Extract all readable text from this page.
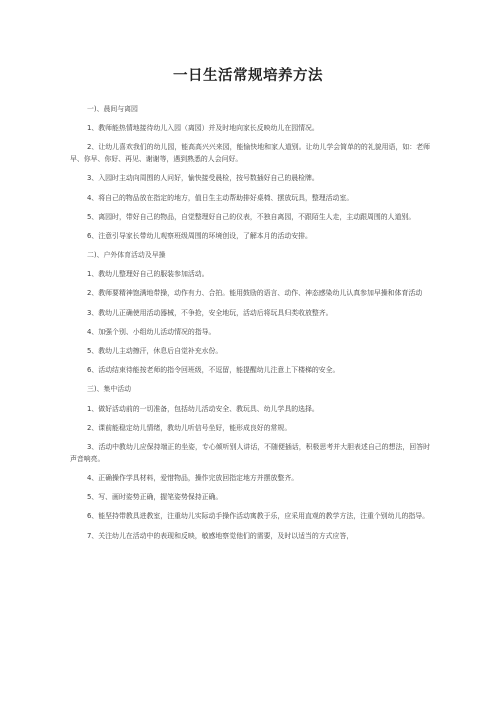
一日生活常规培养方法

一)、晨间与离园

1、教师能热情地接待幼儿入园（离园）并及时地向家长反映幼儿在园情况。

2、让幼儿喜欢我们的幼儿园，能高高兴兴来园，能愉快地和家人道别。让幼儿学会简单的的礼貌用语，如：老师早、你早、你好、再见、谢谢等，遇到熟悉的人会问好。

3、入园时主动向周围的人问好，愉快接受晨检，按号数插好自己的晨检牌。

4、将自己的物品放在指定的地方，值日生主动帮助排好桌椅、摆放玩具，整理活动室。

5、离园时，带好自己的物品，自觉整理好自己的仪表，不独自离园，不跟陌生人走，主动跟周围的人道别。

6、注意引导家长带幼儿观察班级周围的环境创设，了解本月的活动安排。

二)、户外体育活动及早操

1、教幼儿整理好自己的服装参加活动。

2、教师要精神饱满地带操，动作有力、合拍。能用鼓励的语言、动作、神态感染幼儿认真参加早操和体育活动

3、教幼儿正确使用活动器械，不争抢，安全地玩，活动后将玩具归类收放整齐。

4、加强个别、小组幼儿活动情况的指导。

5、教幼儿主动擦汗，休息后自觉补充水份。

6、活动结束待能按老师的指令回班级，不逗留，能提醒幼儿注意上下楼梯的安全。

三)、集中活动

1、做好活动前的一切准备，包括幼儿活动安全、教玩具、幼儿学具的选择。

2、课前能稳定幼儿情绪，教幼儿听信号坐好，能形成良好的常规。

3、活动中教幼儿应保持端正的坐姿，专心倾听别人讲话，不随便插话，积极思考并大胆表述自己的想法，回答时声音响亮。

4、正确操作学具材料，爱惜物品，操作完放回指定地方并摆放整齐。

5、写、画时姿势正确，握笔姿势保持正确。

6、能坚持带教具进教室，注重幼儿实际动手操作活动寓教于乐，应采用直观的教学方法，注重个别幼儿的指导。

7、关注幼儿在活动中的表现和反映，敏感地察觉他们的需要，及时以适当的方式应答，
